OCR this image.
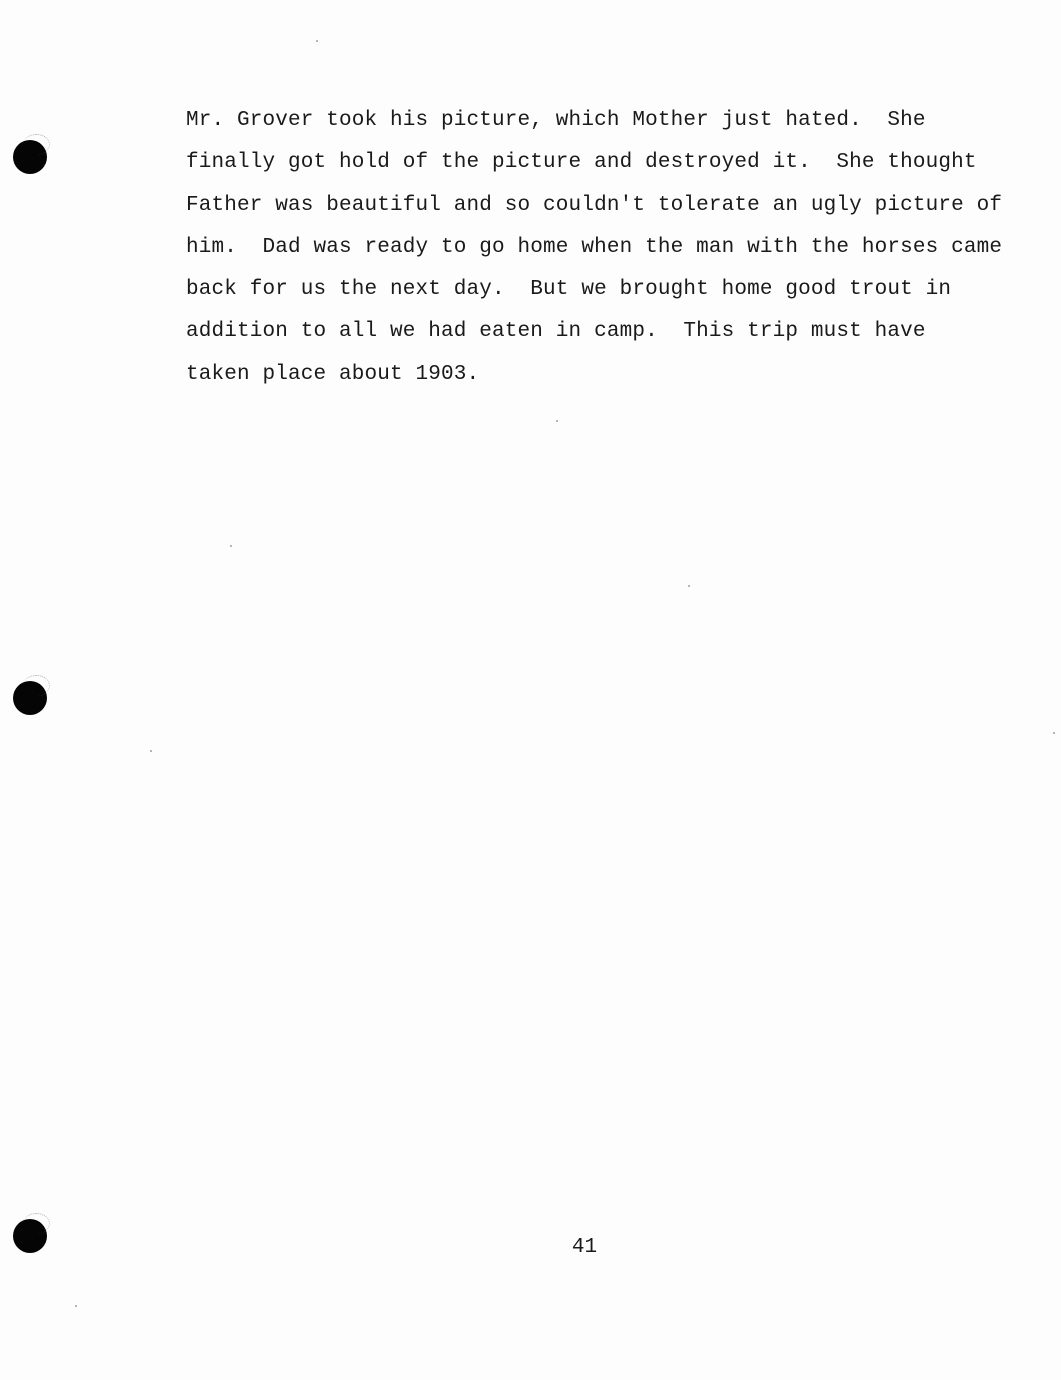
Mr. Grover took his picture, which Mother just hated.  She
finally got hold of the picture and destroyed it.  She thought
Father was beautiful and so couldn't tolerate an ugly picture of
him.  Dad was ready to go home when the man with the horses came
back for us the next day.  But we brought home good trout in
addition to all we had eaten in camp.  This trip must have
taken place about 1903.
41
